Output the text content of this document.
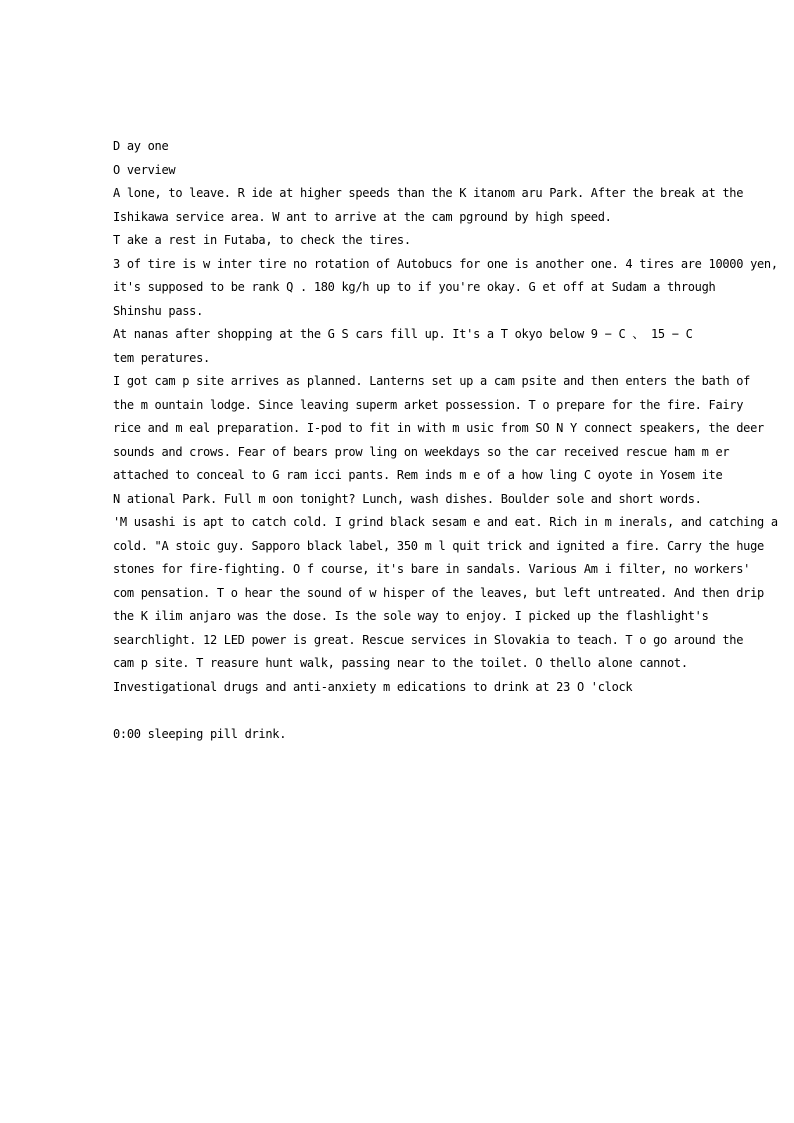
D ay one
O verview
A lone, to leave. R ide at higher speeds than the K itanom aru Park. After the break at the
Ishikawa service area. W ant to arrive at the cam pground by high speed.
T ake a rest in Futaba, to check the tires.
3 of tire is w inter tire no rotation of Autobucs for one is another one. 4 tires are 10000 yen,
it's supposed to be rank Q . 180 kg/h up to if you're okay. G et off at Sudam a through
Shinshu pass.
At nanas after shopping at the G S cars fill up. It's a T okyo below 9 − C 、 15 − C
tem peratures.
I got cam p site arrives as planned. Lanterns set up a cam psite and then enters the bath of
the m ountain lodge. Since leaving superm arket possession. T o prepare for the fire. Fairy
rice and m eal preparation. I-pod to fit in with m usic from SO N Y connect speakers, the deer
sounds and crows. Fear of bears prow ling on weekdays so the car received rescue ham m er
attached to conceal to G ram icci pants. Rem inds m e of a how ling C oyote in Yosem ite
N ational Park. Full m oon tonight? Lunch, wash dishes. Boulder sole and short words.
'M usashi is apt to catch cold. I grind black sesam e and eat. Rich in m inerals, and catching a
cold. "A stoic guy. Sapporo black label, 350 m l quit trick and ignited a fire. Carry the huge
stones for fire-fighting. O f course, it's bare in sandals. Various Am i filter, no workers'
com pensation. T o hear the sound of w hisper of the leaves, but left untreated. And then drip
the K ilim anjaro was the dose. Is the sole way to enjoy. I picked up the flashlight's
searchlight. 12 LED power is great. Rescue services in Slovakia to teach. T o go around the
cam p site. T reasure hunt walk, passing near to the toilet. O thello alone cannot.
Investigational drugs and anti-anxiety m edications to drink at 23 O 'clock
0:00 sleeping pill drink.
